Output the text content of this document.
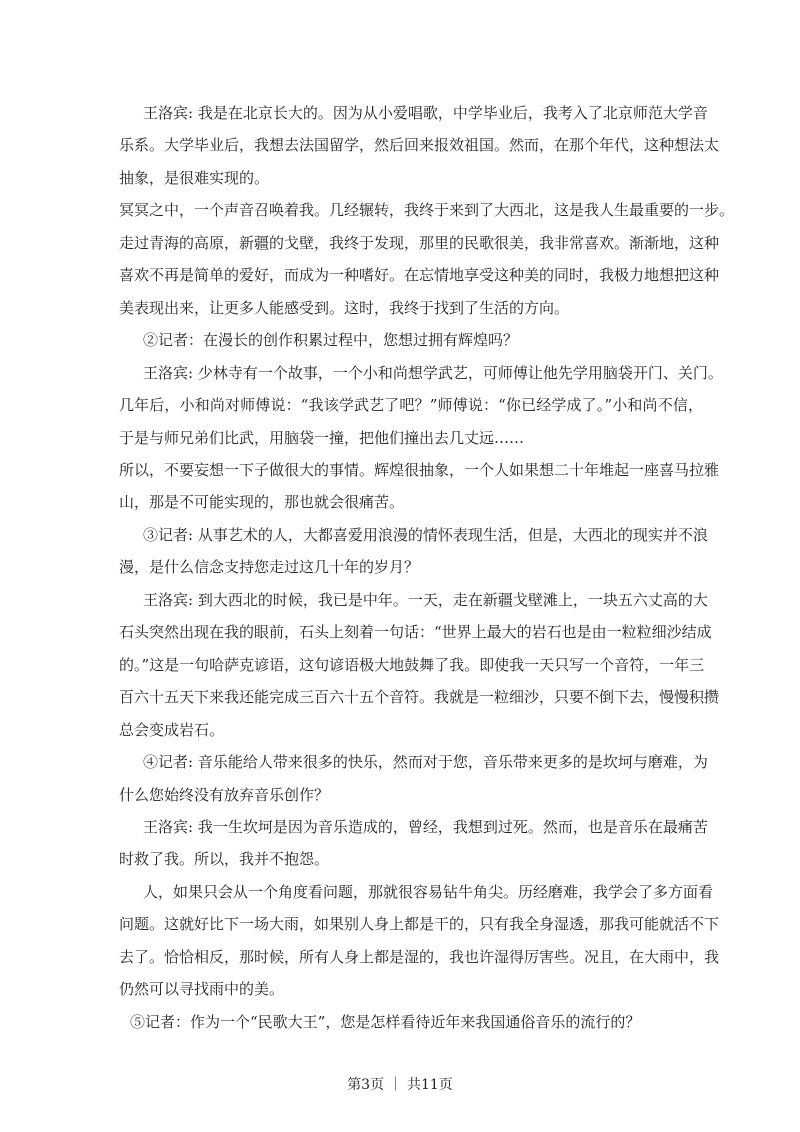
王洛宾: 我是在北京长大的。因为从小爱唱歌，中学毕业后，我考入了北京师范大学音
乐系。大学毕业后，我想去法国留学，然后回来报效祖国。然而，在那个年代，这种想法太
抽象，是很难实现的。
冥冥之中，一个声音召唤着我。几经辗转，我终于来到了大西北，这是我人生最重要的一步。
走过青海的高原，新疆的戈壁，我终于发现，那里的民歌很美，我非常喜欢。渐渐地，这种
喜欢不再是简单的爱好，而成为一种嗜好。在忘情地享受这种美的同时，我极力地想把这种
美表现出来，让更多人能感受到。这时，我终于找到了生活的方向。
②记者：在漫长的创作积累过程中，您想过拥有辉煌吗？
王洛宾: 少林寺有一个故事，一个小和尚想学武艺，可师傅让他先学用脑袋开门、关门。
几年后，小和尚对师傅说：“我该学武艺了吧？”师傅说：“你已经学成了。”小和尚不信，
于是与师兄弟们比武，用脑袋一撞，把他们撞出去几丈远……
所以，不要妄想一下子做很大的事情。辉煌很抽象，一个人如果想二十年堆起一座喜马拉雅
山，那是不可能实现的，那也就会很痛苦。
③记者: 从事艺术的人，大都喜爱用浪漫的情怀表现生活，但是，大西北的现实并不浪
漫，是什么信念支持您走过这几十年的岁月？
王洛宾: 到大西北的时候，我已是中年。一天，走在新疆戈壁滩上，一块五六丈高的大
石头突然出现在我的眼前，石头上刻着一句话：“世界上最大的岩石也是由一粒粒细沙结成
的。”这是一句哈萨克谚语，这句谚语极大地鼓舞了我。即使我一天只写一个音符，一年三
百六十五天下来我还能完成三百六十五个音符。我就是一粒细沙，只要不倒下去，慢慢积攒
总会变成岩石。
④记者: 音乐能给人带来很多的快乐，然而对于您，音乐带来更多的是坎坷与磨难，为
什么您始终没有放弃音乐创作？
王洛宾: 我一生坎坷是因为音乐造成的，曾经，我想到过死。然而，也是音乐在最痛苦
时救了我。所以，我并不抱怨。
人，如果只会从一个角度看问题，那就很容易钻牛角尖。历经磨难，我学会了多方面看
问题。这就好比下一场大雨，如果别人身上都是干的，只有我全身湿透，那我可能就活不下
去了。恰恰相反，那时候，所有人身上都是湿的，我也许湿得厉害些。况且，在大雨中，我
仍然可以寻找雨中的美。
⑤记者：作为一个“民歌大王”，您是怎样看待近年来我国通俗音乐的流行的？
第3页 ｜ 共11页
